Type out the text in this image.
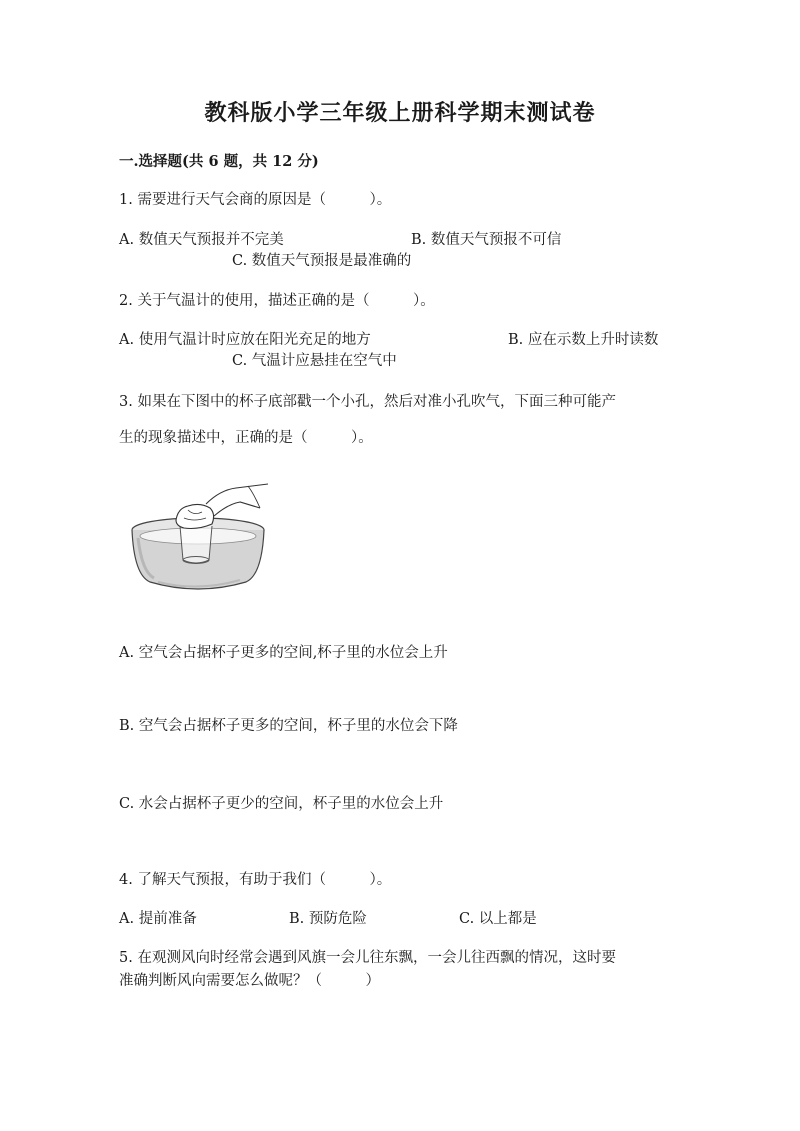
教科版小学三年级上册科学期末测试卷
一.选择题(共 6 题，共 12 分)
1. 需要进行天气会商的原因是（　　　）。
A. 数值天气预报并不完美	B. 数值天气预报不可信
C. 数值天气预报是最准确的
2. 关于气温计的使用，描述正确的是（　　　）。
A. 使用气温计时应放在阳光充足的地方	B. 应在示数上升时读数
C. 气温计应悬挂在空气中
3. 如果在下图中的杯子底部戳一个小孔，然后对准小孔吹气，下面三种可能产
生的现象描述中，正确的是（　　　）。
A. 空气会占据杯子更多的空间,杯子里的水位会上升
B. 空气会占据杯子更多的空间，杯子里的水位会下降
C. 水会占据杯子更少的空间，杯子里的水位会上升
4. 了解天气预报，有助于我们（　　　）。
A. 提前准备	B. 预防危险	C. 以上都是
5. 在观测风向时经常会遇到风旗一会儿往东飘，一会儿往西飘的情况，这时要
准确判断风向需要怎么做呢？（　　　）
